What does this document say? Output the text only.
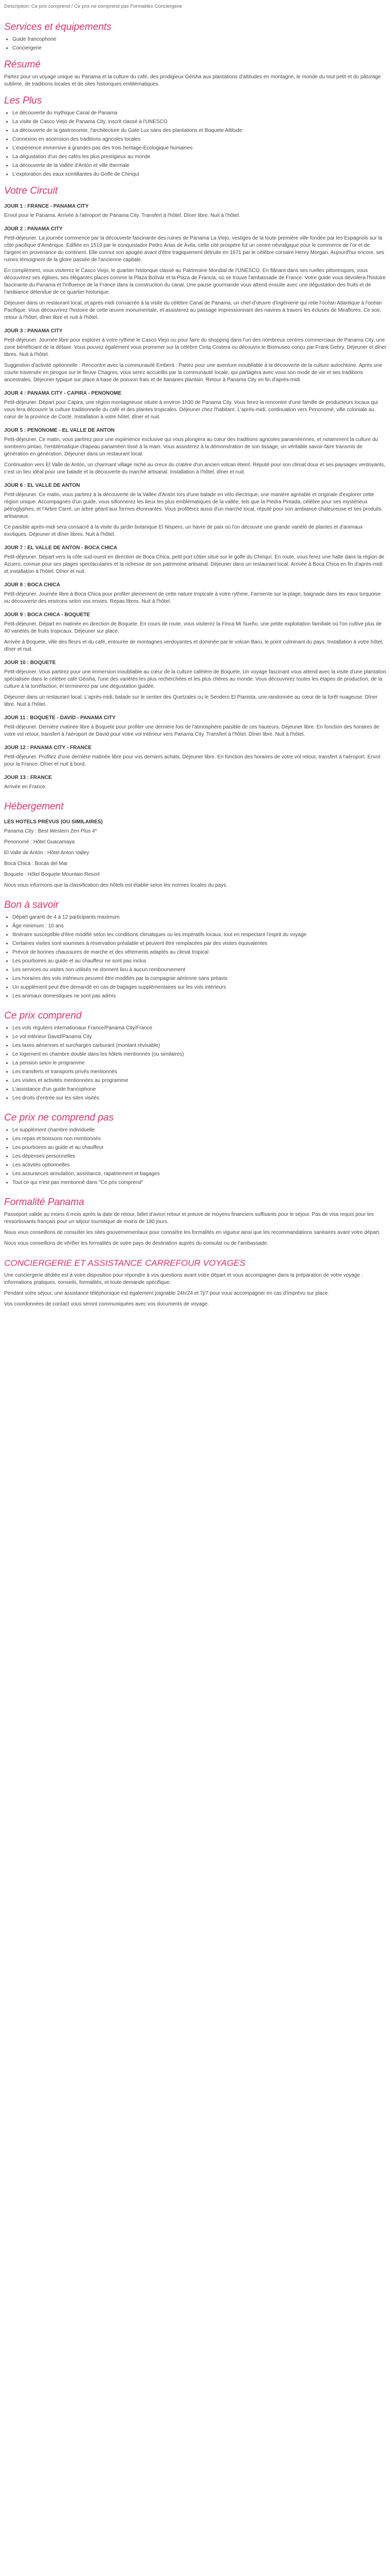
Description: Ce prix comprend / Ce prix ne comprend pas Formalités Conciergerie
Services et équipements
• Guide francophone
• Conciergerie
Résumé

Partez pour un voyage unique au Panama et la culture du café, des prodigieux Géisha aux plantations d'altitudes en montagne, le monde du tout petit et du pâturage sublime, de traditions locales et de sites historiques emblématiques.

Les Plus
• Le découverte du mythique Canal de Panama
• La visite de Casco Viejo de Panama City, inscrit classé à l'UNESCO
• La découverte de la gastronomie, l'architecture du Gate Lux sans des plantations et Boquete Altitude
• Connexion en ascension des traditions agricoles locales
• L'expérience immersive à grandes pas des trois heritage-Ecologique humaines
• La dégustation d'un des cafés les plus prestigieux au monde
• La découverte de la Vallée d'Antón et ville thermale
• L'exploration des eaux scintillantes du Golfe de Chiriquí
Votre Circuit
JOUR 1 : FRANCE - PANAMA CITY

Envol pour le Panama. Arrivée à l'aéroport de Panama City. Transfert à l'hôtel. Dîner libre. Nuit à l'hôtel.

JOUR 2 : PANAMA CITY

Petit-déjeuner. La journée commence par la découverte fascinante des ruines de Panama La Viejo, vestiges de la toute première ville fondée par les Espagnols sur la côte pacifique d'Amérique. Édifiée en 1519 par le conquistador Pedro Arias de Ávila, cette cité prospère fut un centre névralgique pour le commerce de l'or et de l'argent en provenance du continent. Elle connut son apogée avant d'être tragiquement détruite en 1671 par le célèbre corsaire Henry Morgan. Aujourd'hui encore, ses ruines témoignent de la gloire passée de l'ancienne capitale.

En complément, vous visiterez le Casco Viejo, le quartier historique classé au Patrimoine Mondial de l'UNESCO. En flânant dans ses ruelles pittoresques, vous découvrirez ses églises, ses élégantes places comme la Plaza Bolívar et la Plaza de Francia, où se trouve l'ambassade de France. Votre guide vous dévoilera l'histoire fascinante du Panama et l'influence de la France dans la construction du canal. Une pause gourmande vous attend ensuite avec une dégustation des fruits et de l'ambiance détendue de ce quartier historique.

Déjeuner dans un restaurant local, et après-midi consacrée à la visite du célèbre Canal de Panama, un chef-d'œuvre d'ingénierie qui relie l'océan Atlantique à l'océan Pacifique. Vous découvrirez l'histoire de cette œuvre monumentale, et assisterez au passage impressionnant des navires à travers les écluses de Miraflores. Ce soir, retour à l'hôtel, dîner libre et nuit à l'hôtel.

JOUR 3 : PANAMA CITY

Petit-déjeuner. Journée libre pour explorer à votre rythme le Casco Viejo ou pour faire du shopping dans l'un des nombreux centres commerciaux de Panama City, une zone bénéficiant de la détaxe. Vous pouvez également vous promener sur la célèbre Cinta Costera ou découvrir le Biomuseo conçu par Frank Gehry. Déjeuner et dîner libres. Nuit à l'hôtel.

Suggestion d'activité optionnelle : Rencontre avec la communauté Emberá : Partez pour une aventure inoubliable à la découverte de la culture autochtone. Après une courte traversée en pirogue sur le fleuve Chagres, vous serez accueillis par la communauté locale, qui partagera avec vous son mode de vie et ses traditions ancestrales. Déjeuner typique sur place à base de poisson frais et de bananes plantain. Retour à Panama City en fin d'après-midi.

JOUR 4 : PANAMA CITY - CAPIRA - PENONOME

Petit-déjeuner. Départ pour Capira, une région montagneuse située à environ 1h30 de Panama City. Vous ferez la rencontre d'une famille de producteurs locaux qui vous fera découvrir la culture traditionnelle du café et des plantes tropicales. Déjeuner chez l'habitant. L'après-midi, continuation vers Penonomé, ville coloniale au cœur de la province de Coclé. Installation à votre hôtel, dîner et nuit.

JOUR 5 : PENONOME - EL VALLE DE ANTON

Petit-déjeuner. Ce matin, vous partirez pour une expérience exclusive qui vous plongera au cœur des traditions agricoles panaméennes, et notamment la culture du sombrero pintao, l'emblématique chapeau panaméen tissé à la main. Vous assisterez à la démonstration de son tissage, un véritable savoir-faire transmis de génération en génération. Déjeuner dans un restaurant local.

Continuation vers El Valle de Antón, un charmant village niché au creux du cratère d'un ancien volcan éteint. Réputé pour son climat doux et ses paysages verdoyants, c'est un lieu idéal pour une balade et la découverte du marché artisanal. Installation à l'hôtel, dîner et nuit.

JOUR 6 : EL VALLE DE ANTON

Petit-déjeuner. Ce matin, vous partirez à la découverte de la Vallée d'Antón lors d'une balade en vélo électrique, une manière agréable et originale d'explorer cette région unique. Accompagnés d'un guide, vous sillonnerez les lieux les plus emblématiques de la vallée, tels que la Piedra Pintada, célèbre pour ses mystérieux pétroglyphes, et l'Arbre Carré, un arbre géant aux formes étonnantes. Vous profiterez aussi d'un marché local, réputé pour son ambiance chaleureuse et ses produits artisanaux.

Ce paisible après-midi sera consacré à la visite du jardin botanique El Nispero, un havre de paix où l'on découvre une grande variété de plantes et d'animaux exotiques. Déjeuner et dîner libres. Nuit à l'hôtel.

JOUR 7 : EL VALLE DE ANTON - BOCA CHICA

Petit-déjeuner. Départ vers la côte sud-ouest en direction de Boca Chica, petit port côtier situé sur le golfe du Chiriquí. En route, vous ferez une halte dans la région de Azuero, connue pour ses plages spectaculaires et la richesse de son patrimoine artisanal. Déjeuner dans un restaurant local. Arrivée à Boca Chica en fin d'après-midi et installation à l'hôtel. Dîner et nuit.

JOUR 8 : BOCA CHICA

Petit-déjeuner. Journée libre à Boca Chica pour profiter pleinement de cette nature tropicale à votre rythme. Farniente sur la plage, baignade dans les eaux turquoise ou découverte des environs selon vos envies. Repas libres. Nuit à l'hôtel.

JOUR 9 : BOCA CHICA - BOQUETE

Petit-déjeuner. Départ en matinée en direction de Boquete. En cours de route, vous visiterez la Finca Mi Sueño, une petite exploitation familiale où l'on cultive plus de 40 variétés de fruits tropicaux. Déjeuner sur place.

Arrivée à Boquete, ville des fleurs et du café, entourée de montagnes verdoyantes et dominée par le volcan Barú, le point culminant du pays. Installation à votre hôtel, dîner et nuit.

JOUR 10 : BOQUETE

Petit-déjeuner. Vous partirez pour une immersion inoubliable au cœur de la culture caféière de Boquete. Un voyage fascinant vous attend avec la visite d'une plantation spécialisée dans le célèbre café Géisha, l'une des variétés les plus recherchées et les plus chères au monde. Vous découvrirez toutes les étapes de production, de la culture à la torréfaction, et terminerez par une dégustation guidée.

Déjeuner dans un restaurant local. L'après-midi, balade sur le sentier des Quetzales ou le Sendero El Pianista, une randonnée au cœur de la forêt nuageuse. Dîner libre. Nuit à l'hôtel.

JOUR 11 : BOQUETE - DAVID - PANAMA CITY

Petit-déjeuner. Dernière matinée libre à Boquete pour profiter une dernière fois de l'atmosphère paisible de ces hauteurs. Déjeuner libre. En fonction des horaires de votre vol retour, transfert à l'aéroport de David pour votre vol intérieur vers Panama City. Transfert à l'hôtel. Dîner libre. Nuit à l'hôtel.

JOUR 12 : PANAMA CITY - FRANCE

Petit-déjeuner. Profitez d'une dernière matinée libre pour vos derniers achats. Déjeuner libre. En fonction des horaires de votre vol retour, transfert à l'aéroport. Envol pour la France. Dîner et nuit à bord.

JOUR 13 : FRANCE

Arrivée en France.

Hébergement
LES HOTELS PRÉVUS (OU SIMILAIRES)

Panama City : Best Western Zen Plus 4*

Penonomé : Hôtel Guacamaya

El Valle de Antón : Hôtel Anton Valley

Boca Chica : Bocas del Mar

Boquete : Hôtel Boquete Mountain Resort

Nous vous informons que la classification des hôtels est établie selon les normes locales du pays.

Bon à savoir
• Départ garanti de 4 à 12 participants maximum
• Âge minimum : 10 ans
• Itinéraire susceptible d'être modifié selon les conditions climatiques ou les impératifs locaux, tout en respectant l'esprit du voyage
• Certaines visites sont soumises à réservation préalable et peuvent être remplacées par des visites équivalentes
• Prévoir de bonnes chaussures de marche et des vêtements adaptés au climat tropical
• Les pourboires au guide et au chauffeur ne sont pas inclus
• Les services ou visites non utilisés ne donnent lieu à aucun remboursement
• Les horaires des vols intérieurs peuvent être modifiés par la compagnie aérienne sans préavis
• Un supplément peut être demandé en cas de bagages supplémentaires sur les vols intérieurs
• Les animaux domestiques ne sont pas admis
Ce prix comprend
• Les vols réguliers internationaux France/Panama City/France
• Le vol intérieur David/Panama City
• Les taxes aériennes et surcharges carburant (montant révisable)
• Le logement en chambre double dans les hôtels mentionnés (ou similaires)
• La pension selon le programme
• Les transferts et transports privés mentionnés
• Les visites et activités mentionnées au programme
• L'assistance d'un guide francophone
• Les droits d'entrée sur les sites visités
Ce prix ne comprend pas
• Le supplément chambre individuelle
• Les repas et boissons non mentionnés
• Les pourboires au guide et au chauffeur
• Les dépenses personnelles
• Les activités optionnelles
• Les assurances annulation, assistance, rapatriement et bagages
• Tout ce qui n'est pas mentionné dans "Ce prix comprend"
Formalité Panama

Passeport valide au moins 6 mois après la date de retour, billet d'avion retour et preuve de moyens financiers suffisants pour le séjour. Pas de visa requis pour les ressortissants français pour un séjour touristique de moins de 180 jours.

Nous vous conseillons de consulter les sites gouvernementaux pour connaître les formalités en vigueur ainsi que les recommandations sanitaires avant votre départ.

Nous vous conseillons de vérifier les formalités de votre pays de destination auprès du consulat ou de l'ambassade.

CONCIERGERIE ET ASSISTANCE CARREFOUR VOYAGES

Une conciergerie dédiée est à votre disposition pour répondre à vos questions avant votre départ et vous accompagner dans la préparation de votre voyage : informations pratiques, conseils, formalités, et toute demande spécifique.

Pendant votre séjour, une assistance téléphonique est également joignable 24h/24 et 7j/7 pour vous accompagner en cas d'imprévu sur place.

Vos coordonnées de contact vous seront communiquées avec vos documents de voyage.
